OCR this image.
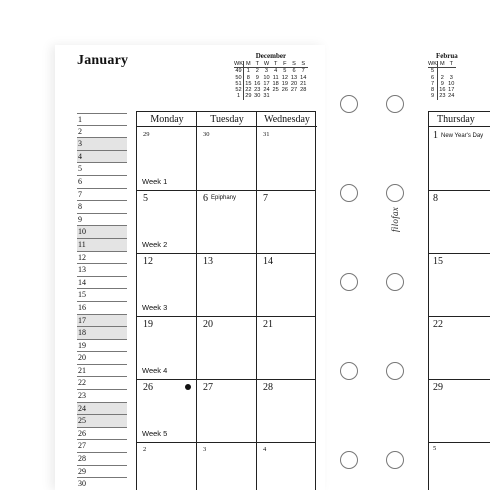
January	December
WK	M	T	W	T	F	S	S
49	1	2	3	4	5	6	7
50	8	9	10	11	12	13	14
51	15	16	17	18	19	20	21
52	22	23	24	25	26	27	28
1	29	30	31				
Februa
WK	M	T
5		
6	2	3
7	9	10
8	16	17
9	23	24
1
2
3
4
5
6
7
8
9
10
11
12
13
14
15
16
17
18
19
20
21
22
23
24
25
26
27
28
29
30
Monday	Tuesday	Wednesday
29	30	31
Week 1
5	6	7
Epiphany
Week 2
12	13	14
Week 3
19	20	21
Week 4
26	27	28
Week 5
2	3	4
filofax
Thursday
1 New Year's Day
8
15
22
29
5
